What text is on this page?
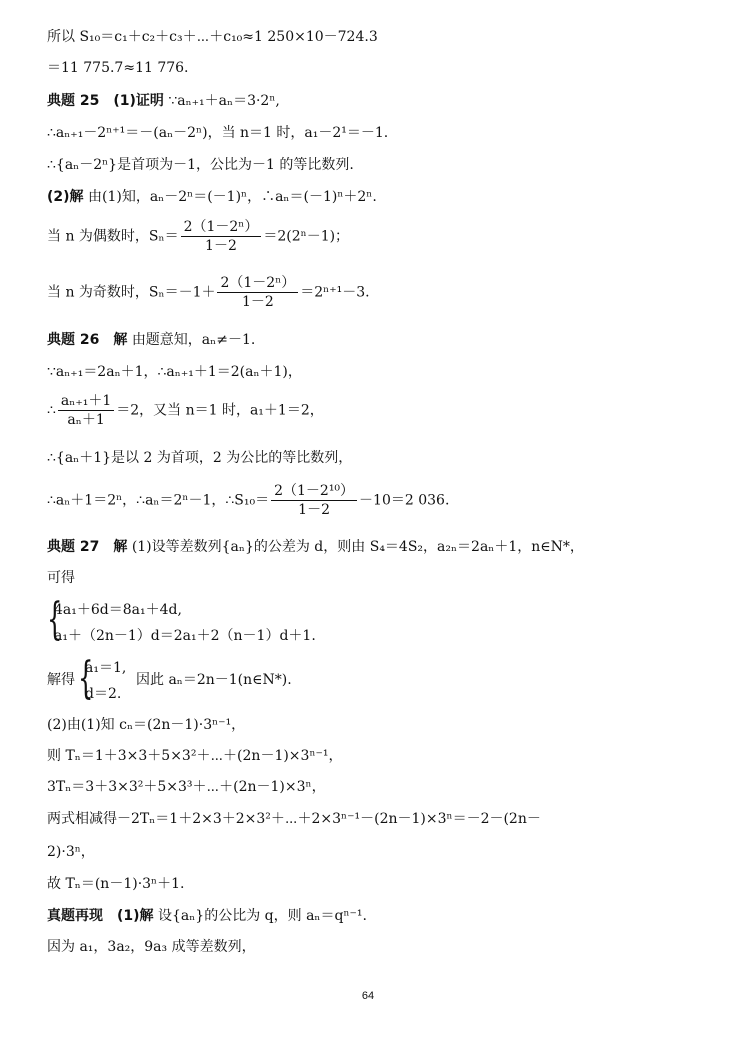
所以 S₁₀＝c₁＋c₂＋c₃＋⋯＋c₁₀≈1 250×10－724.3
＝11 775.7≈11 776.
典题 25　(1)证明 ∵aₙ₊₁＋aₙ＝3·2ⁿ,
∴aₙ₊₁－2ⁿ⁺¹＝－(aₙ－2ⁿ)，当 n＝1 时，a₁－2¹＝－1.
∴{aₙ－2ⁿ}是首项为－1，公比为－1 的等比数列.
(2)解 由(1)知，aₙ－2ⁿ＝(－1)ⁿ，∴aₙ＝(－1)ⁿ＋2ⁿ.
当 n 为偶数时，$S_n= \frac{\text{2（1－2ⁿ）}}{1-2} =2(2^n-1)$；
当 n 为奇数时，$S_n=-1+ \frac{\text{2（1－2ⁿ）}}{1-2} =2^{n+1}-3$.
典题 26　解 由题意知，aₙ≠－1.
∵aₙ₊₁＝2aₙ＋1，∴aₙ₊₁＋1＝2(aₙ＋1)，
∴ $\frac{\text{aₙ₊₁＋1}}{\text{aₙ＋1}} =2$，又当 n＝1 时，a₁＋1＝2，
∴{aₙ＋1}是以 2 为首项，2 为公比的等比数列，
∴aₙ＋1＝2ⁿ，∴aₙ＝2ⁿ－1，∴S₁₀＝ $\frac{\text{2（1－2¹⁰）}}{1-2} -10=2$ 036.
典题 27　解 (1)设等差数列{aₙ}的公差为 d，则由 S₄＝4S₂，a₂ₙ＝2aₙ＋1，n∈N*，
可得
{
4a₁＋6d＝8a₁＋4d,
a₁＋（2n－1）d＝2a₁＋2（n－1）d＋1.
解得 {
a₁＝1,
d＝2.
因此 aₙ＝2n－1(n∈N*).
(2)由(1)知 cₙ＝(2n－1)·3ⁿ⁻¹，
则 Tₙ＝1＋3×3＋5×3²＋⋯＋(2n－1)×3ⁿ⁻¹，
3Tₙ＝3＋3×3²＋5×3³＋⋯＋(2n－1)×3ⁿ，
两式相减得－2Tₙ＝1＋2×3＋2×3²＋⋯＋2×3ⁿ⁻¹－(2n－1)×3ⁿ＝－2－(2n－
2)·3ⁿ，
故 Tₙ＝(n－1)·3ⁿ＋1.
真题再现　(1)解 设{aₙ}的公比为 q，则 aₙ＝qⁿ⁻¹.
因为 a₁，3a₂，9a₃ 成等差数列，
64
